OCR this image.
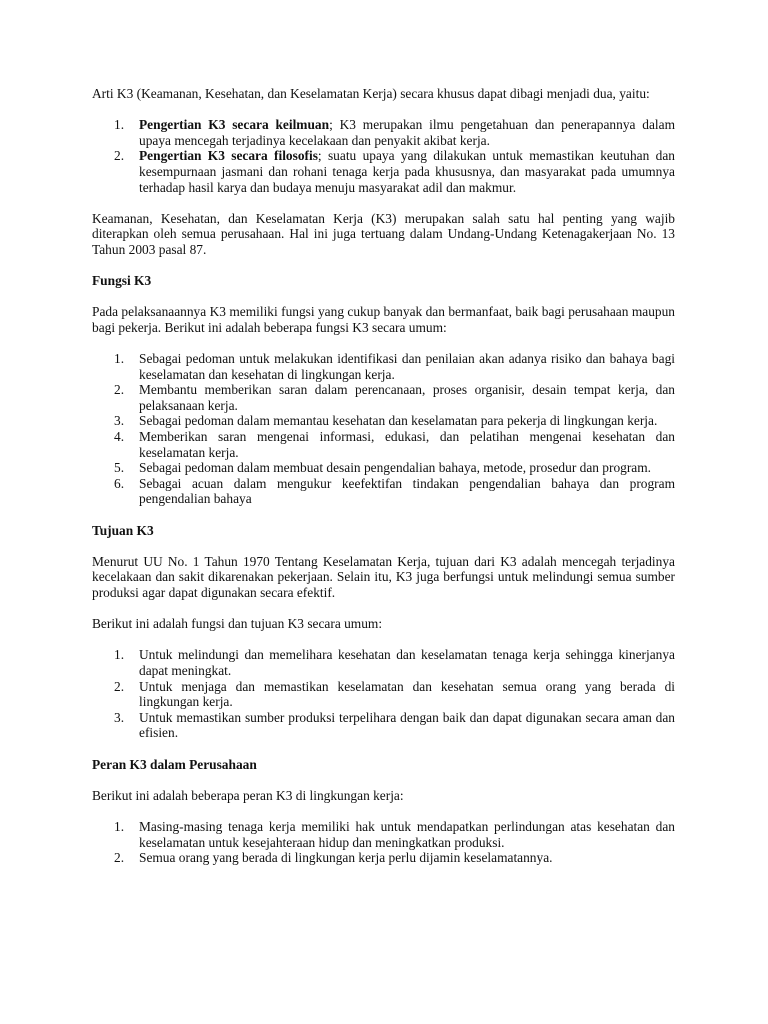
Arti K3 (Keamanan, Kesehatan, dan Keselamatan Kerja) secara khusus dapat dibagi menjadi dua, yaitu:

1. Pengertian K3 secara keilmuan; K3 merupakan ilmu pengetahuan dan penerapannya dalam upaya mencegah terjadinya kecelakaan dan penyakit akibat kerja.
2. Pengertian K3 secara filosofis; suatu upaya yang dilakukan untuk memastikan keutuhan dan kesempurnaan jasmani dan rohani tenaga kerja pada khususnya, dan masyarakat pada umumnya terhadap hasil karya dan budaya menuju masyarakat adil dan makmur.

Keamanan, Kesehatan, dan Keselamatan Kerja (K3) merupakan salah satu hal penting yang wajib diterapkan oleh semua perusahaan. Hal ini juga tertuang dalam Undang-Undang Ketenagakerjaan No. 13 Tahun 2003 pasal 87.

Fungsi K3

Pada pelaksanaannya K3 memiliki fungsi yang cukup banyak dan bermanfaat, baik bagi perusahaan maupun bagi pekerja. Berikut ini adalah beberapa fungsi K3 secara umum:

1. Sebagai pedoman untuk melakukan identifikasi dan penilaian akan adanya risiko dan bahaya bagi keselamatan dan kesehatan di lingkungan kerja.
2. Membantu memberikan saran dalam perencanaan, proses organisir, desain tempat kerja, dan pelaksanaan kerja.
3. Sebagai pedoman dalam memantau kesehatan dan keselamatan para pekerja di lingkungan kerja.
4. Memberikan saran mengenai informasi, edukasi, dan pelatihan mengenai kesehatan dan keselamatan kerja.
5. Sebagai pedoman dalam membuat desain pengendalian bahaya, metode, prosedur dan program.
6. Sebagai acuan dalam mengukur keefektifan tindakan pengendalian bahaya dan program pengendalian bahaya

Tujuan K3

Menurut UU No. 1 Tahun 1970 Tentang Keselamatan Kerja, tujuan dari K3 adalah mencegah terjadinya kecelakaan dan sakit dikarenakan pekerjaan. Selain itu, K3 juga berfungsi untuk melindungi semua sumber produksi agar dapat digunakan secara efektif.

Berikut ini adalah fungsi dan tujuan K3 secara umum:

1. Untuk melindungi dan memelihara kesehatan dan keselamatan tenaga kerja sehingga kinerjanya dapat meningkat.
2. Untuk menjaga dan memastikan keselamatan dan kesehatan semua orang yang berada di lingkungan kerja.
3. Untuk memastikan sumber produksi terpelihara dengan baik dan dapat digunakan secara aman dan efisien.

Peran K3 dalam Perusahaan

Berikut ini adalah beberapa peran K3 di lingkungan kerja:

1. Masing-masing tenaga kerja memiliki hak untuk mendapatkan perlindungan atas kesehatan dan keselamatan untuk kesejahteraan hidup dan meningkatkan produksi.
2. Semua orang yang berada di lingkungan kerja perlu dijamin keselamatannya.
